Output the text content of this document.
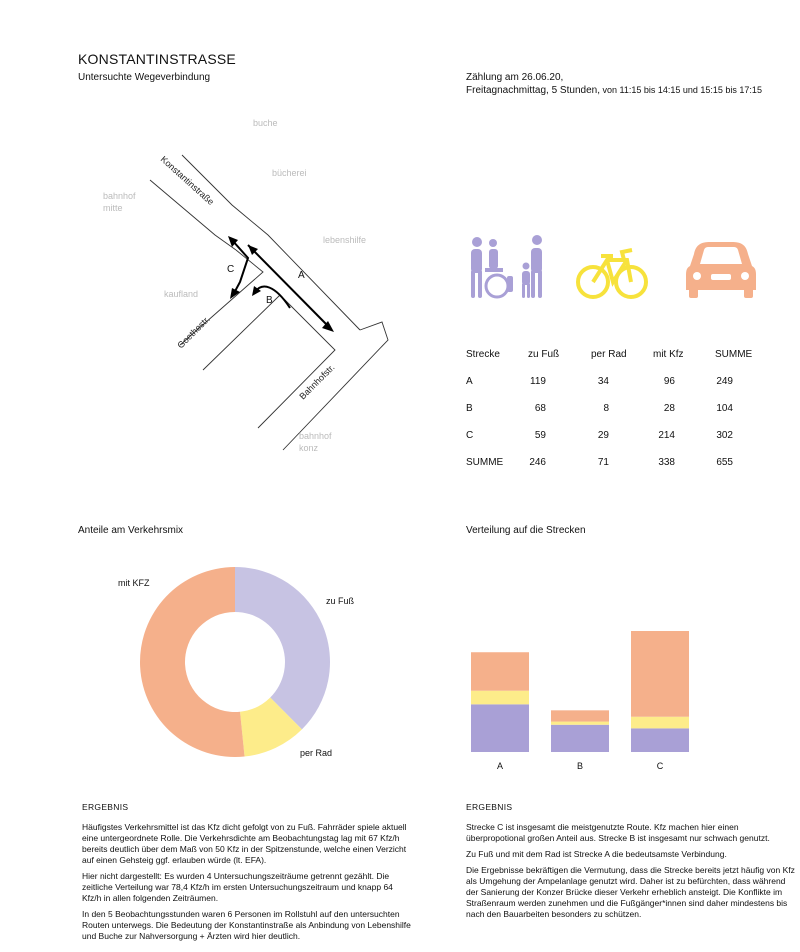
KONSTANTINSTRASSE
Untersuchte Wegeverbindung	Zählung am 26.06.20,
Freitagnachmittag, 5 Stunden, von 11:15 bis 14:15 und 15:15 bis 17:15
buche
bücherei
bahnhof
mitte
lebenshilfe
kaufland
bahnhof
konz
Konstantinstraße
Goethestr.
Bahnhofstr.
A
B
C
Strecke	zu Fuß	per Rad	mit Kfz	SUMME
A	119	34	96	249
B	68	8	28	104
C	59	29	214	302
SUMME	246	71	338	655
Anteile am Verkehrsmix	Verteilung auf die Strecken
zu Fuß
per Rad
mit KFZ
A	B	C
ERGEBNIS

Häufigstes Verkehrsmittel ist das Kfz dicht gefolgt von zu Fuß. Fahrräder spiele aktuell eine untergeordnete Rolle. Die Verkehrsdichte am Beobachtungstag lag mit 67 Kfz/h bereits deutlich über dem Maß von 50 Kfz in der Spitzenstunde, welche einen Verzicht auf einen Gehsteig ggf. erlauben würde (lt. EFA).

Hier nicht dargestellt: Es wurden 4 Untersuchungszeiträume getrennt gezählt. Die zeitliche Verteilung war 78,4 Kfz/h im ersten Untersuchungszeitraum und knapp 64 Kfz/h in allen folgenden Zeiträumen.

In den 5 Beobachtungsstunden waren 6 Personen im Rollstuhl auf den untersuchten Routen unterwegs. Die Bedeutung der Konstantinstraße als Anbindung von Lebenshilfe und Buche zur Nahversorgung + Ärzten wird hier deutlich.

ERGEBNIS

Strecke C ist insgesamt die meistgenutzte Route. Kfz machen hier einen überpropotional großen Anteil aus. Strecke B ist insgesamt nur schwach genutzt.

Zu Fuß und mit dem Rad ist Strecke A die bedeutsamste Verbindung.

Die Ergebnisse bekräftigen die Vermutung, dass die Strecke bereits jetzt häufig von Kfz als Umgehung der Ampelanlage genutzt wird. Daher ist zu befürchten, dass während der Sanierung der Konzer Brücke dieser Verkehr erheblich ansteigt. Die Konflikte im Straßenraum werden zunehmen und die Fußgänger*innen sind daher mindestens bis nach den Bauarbeiten besonders zu schützen.
